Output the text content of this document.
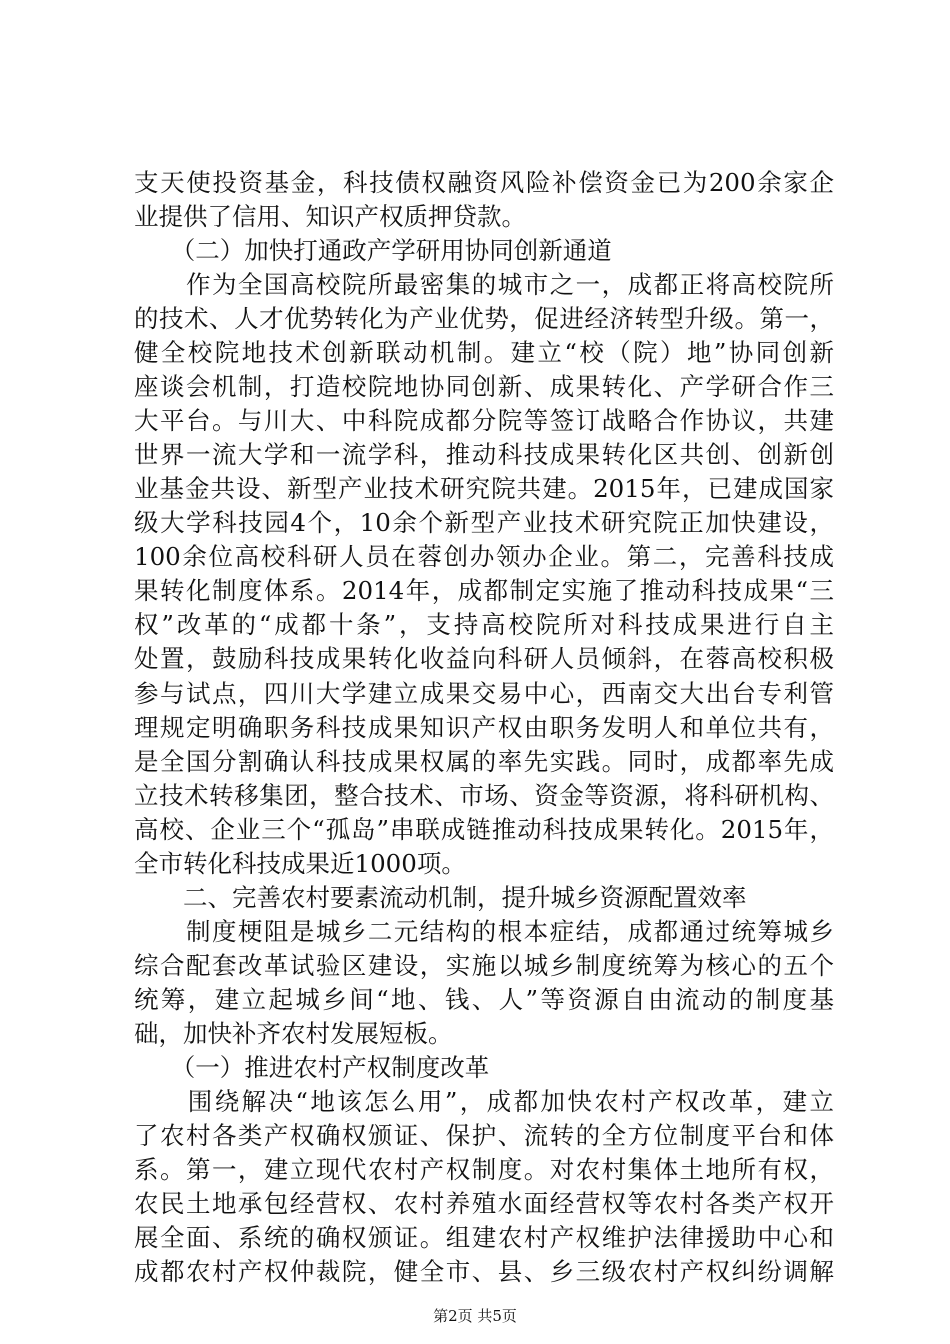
支天使投资基金，科技债权融资风险补偿资金已为200余家企
业提供了信用、知识产权质押贷款。
　　（二）加快打通政产学研用协同创新通道
　　作为全国高校院所最密集的城市之一，成都正将高校院所
的技术、人才优势转化为产业优势，促进经济转型升级。第一，
健全校院地技术创新联动机制。建立“校（院）地”协同创新
座谈会机制，打造校院地协同创新、成果转化、产学研合作三
大平台。与川大、中科院成都分院等签订战略合作协议，共建
世界一流大学和一流学科，推动科技成果转化区共创、创新创
业基金共设、新型产业技术研究院共建。2015年，已建成国家
级大学科技园4个，10余个新型产业技术研究院正加快建设，
100余位高校科研人员在蓉创办领办企业。第二，完善科技成
果转化制度体系。2014年，成都制定实施了推动科技成果“三
权”改革的“成都十条”，支持高校院所对科技成果进行自主
处置，鼓励科技成果转化收益向科研人员倾斜，在蓉高校积极
参与试点，四川大学建立成果交易中心，西南交大出台专利管
理规定明确职务科技成果知识产权由职务发明人和单位共有，
是全国分割确认科技成果权属的率先实践。同时，成都率先成
立技术转移集团，整合技术、市场、资金等资源，将科研机构、
高校、企业三个“孤岛”串联成链推动科技成果转化。2015年，
全市转化科技成果近1000项。
　　二、完善农村要素流动机制，提升城乡资源配置效率
　　制度梗阻是城乡二元结构的根本症结，成都通过统筹城乡
综合配套改革试验区建设，实施以城乡制度统筹为核心的五个
统筹，建立起城乡间“地、钱、人”等资源自由流动的制度基
础，加快补齐农村发展短板。
　　（一）推进农村产权制度改革
　　围绕解决“地该怎么用”，成都加快农村产权改革，建立
了农村各类产权确权颁证、保护、流转的全方位制度平台和体
系。第一，建立现代农村产权制度。对农村集体土地所有权，
农民土地承包经营权、农村养殖水面经营权等农村各类产权开
展全面、系统的确权颁证。组建农村产权维护法律援助中心和
成都农村产权仲裁院，健全市、县、乡三级农村产权纠纷调解
第2页 共5页
